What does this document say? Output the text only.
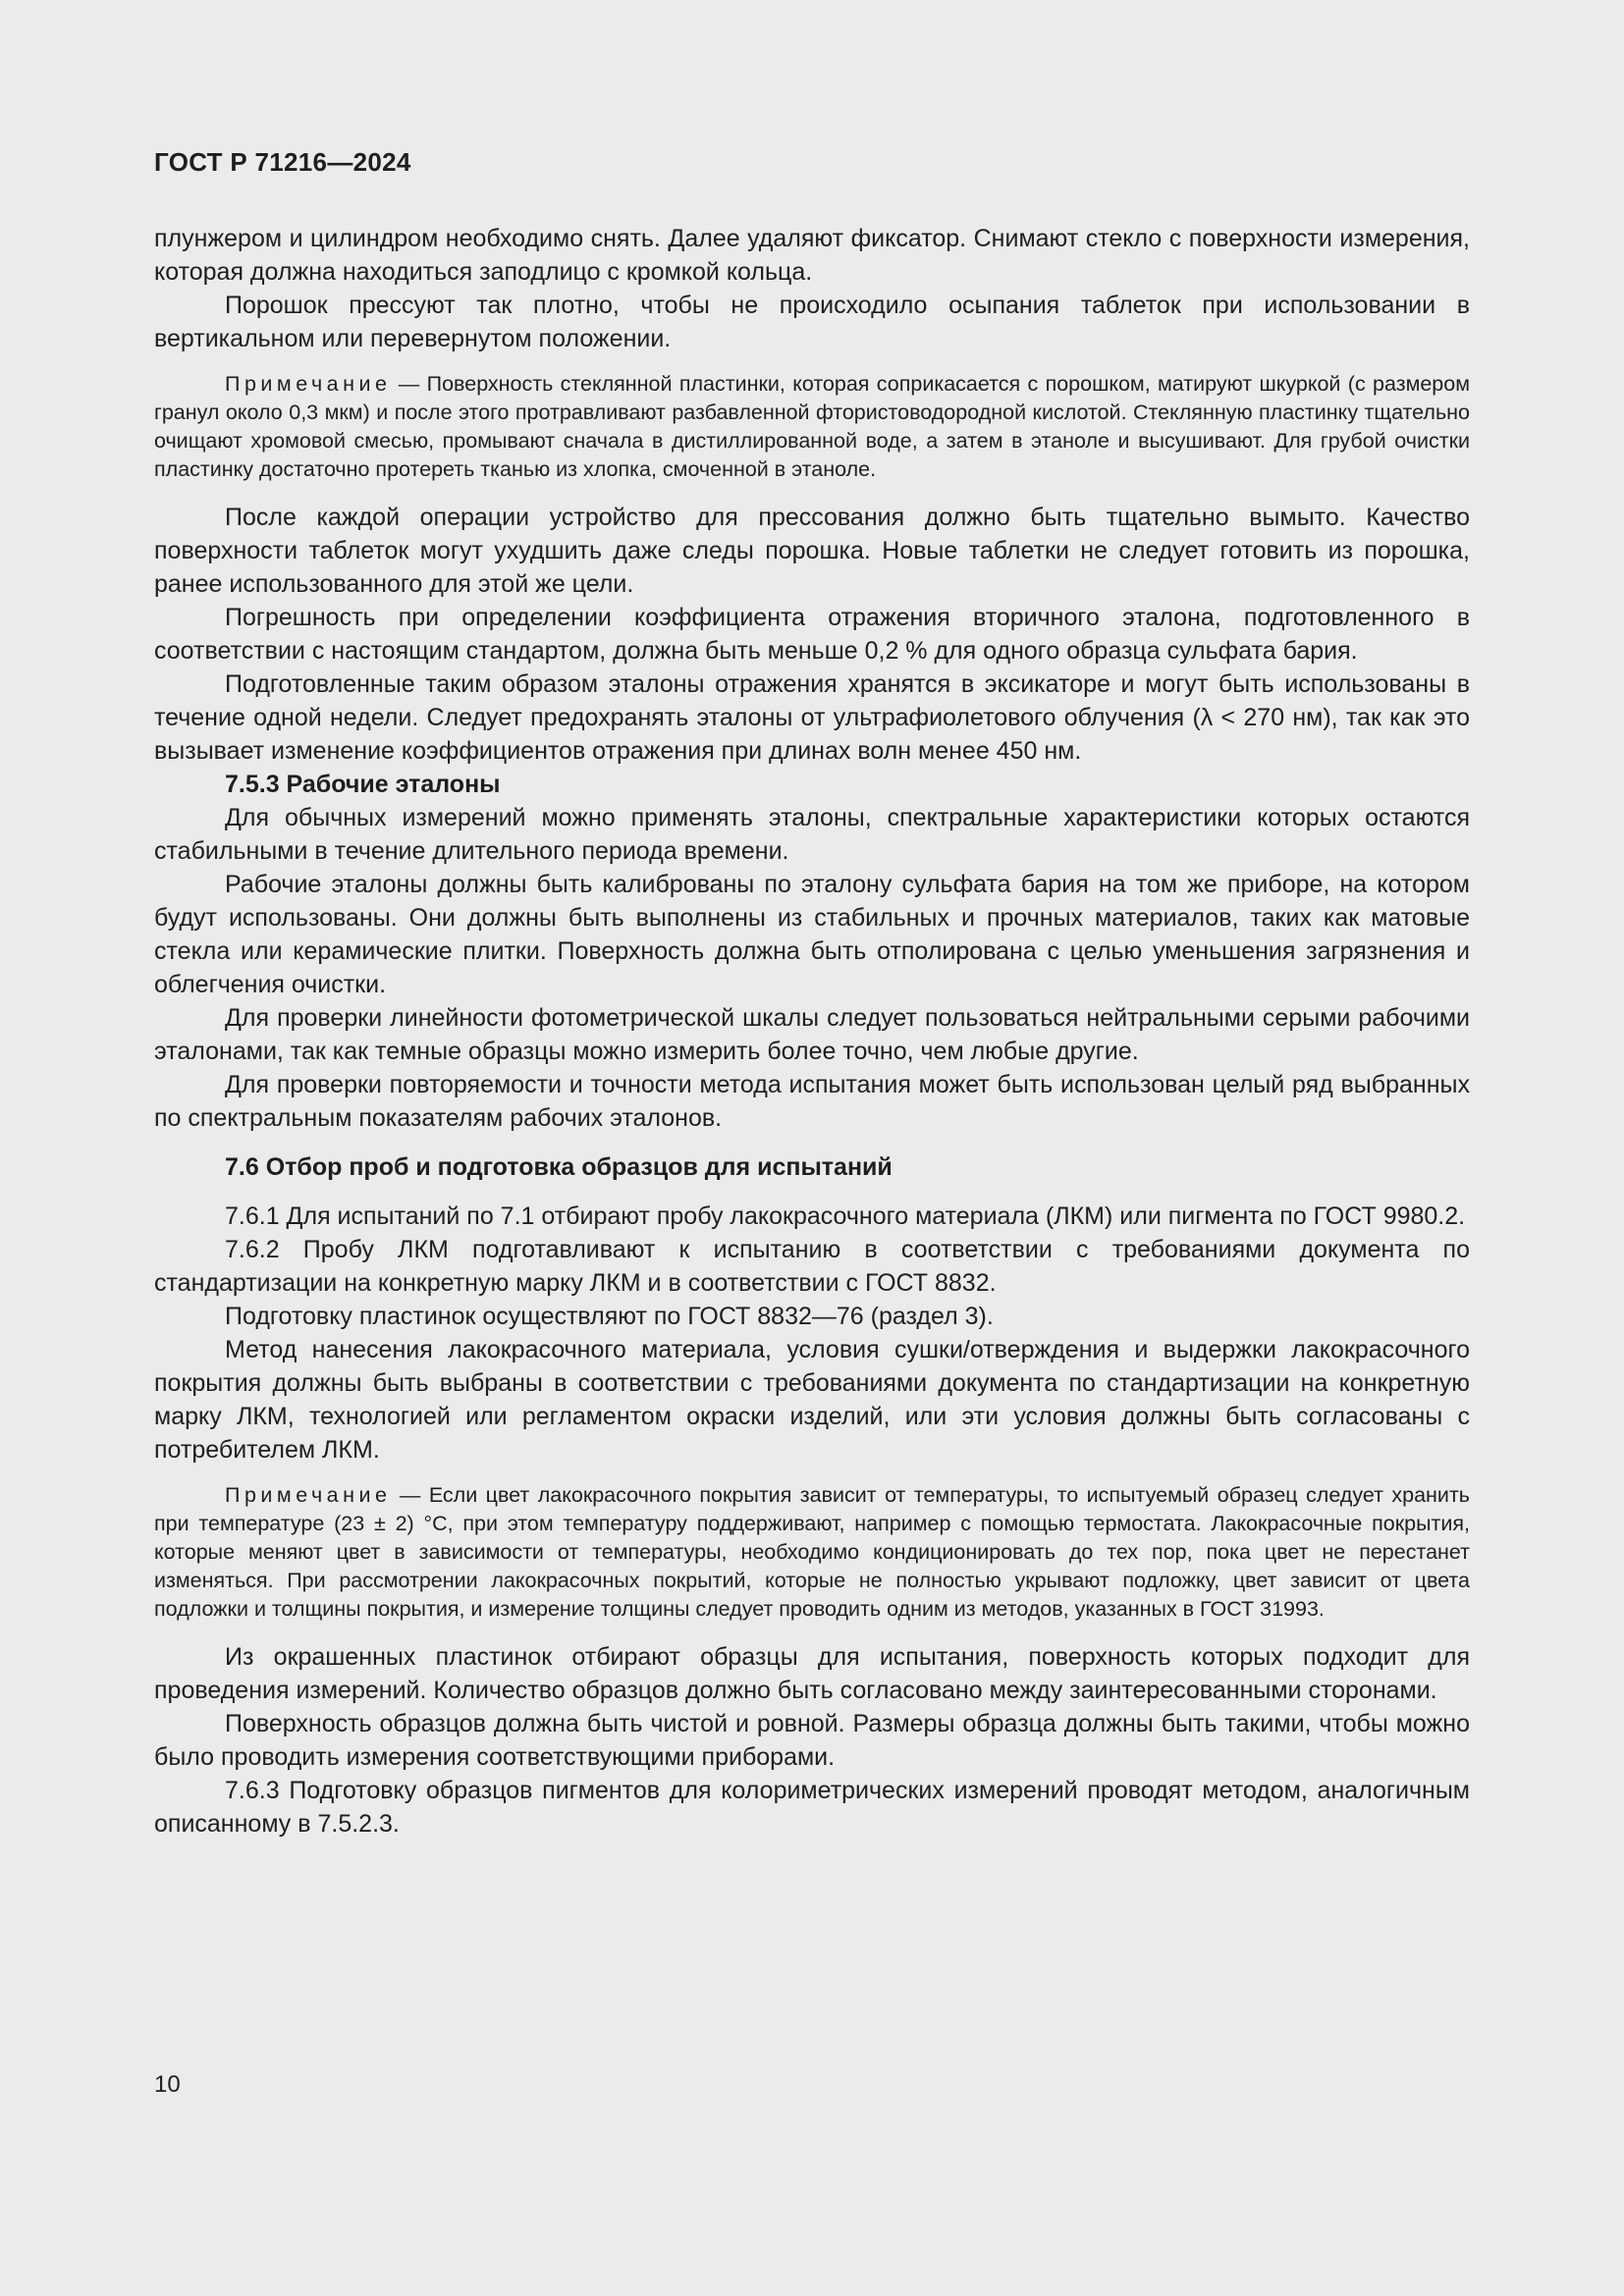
ГОСТ Р 71216—2024

плунжером и цилиндром необходимо снять. Далее удаляют фиксатор. Снимают стекло с поверхности измерения, которая должна находиться заподлицо с кромкой кольца.

Порошок прессуют так плотно, чтобы не происходило осыпания таблеток при использовании в вертикальном или перевернутом положении.

Примечание — Поверхность стеклянной пластинки, которая соприкасается с порошком, матируют шкуркой (с размером гранул около 0,3 мкм) и после этого протравливают разбавленной фтористоводородной кислотой. Стеклянную пластинку тщательно очищают хромовой смесью, промывают сначала в дистиллированной воде, а затем в этаноле и высушивают. Для грубой очистки пластинку достаточно протереть тканью из хлопка, смоченной в этаноле.

После каждой операции устройство для прессования должно быть тщательно вымыто. Качество поверхности таблеток могут ухудшить даже следы порошка. Новые таблетки не следует готовить из порошка, ранее использованного для этой же цели.

Погрешность при определении коэффициента отражения вторичного эталона, подготовленного в соответствии с настоящим стандартом, должна быть меньше 0,2 % для одного образца сульфата бария.

Подготовленные таким образом эталоны отражения хранятся в эксикаторе и могут быть использованы в течение одной недели. Следует предохранять эталоны от ультрафиолетового облучения (λ < 270 нм), так как это вызывает изменение коэффициентов отражения при длинах волн менее 450 нм.

7.5.3 Рабочие эталоны

Для обычных измерений можно применять эталоны, спектральные характеристики которых остаются стабильными в течение длительного периода времени.

Рабочие эталоны должны быть калиброваны по эталону сульфата бария на том же приборе, на котором будут использованы. Они должны быть выполнены из стабильных и прочных материалов, таких как матовые стекла или керамические плитки. Поверхность должна быть отполирована с целью уменьшения загрязнения и облегчения очистки.

Для проверки линейности фотометрической шкалы следует пользоваться нейтральными серыми рабочими эталонами, так как темные образцы можно измерить более точно, чем любые другие.

Для проверки повторяемости и точности метода испытания может быть использован целый ряд выбранных по спектральным показателям рабочих эталонов.

7.6 Отбор проб и подготовка образцов для испытаний

7.6.1 Для испытаний по 7.1 отбирают пробу лакокрасочного материала (ЛКМ) или пигмента по ГОСТ 9980.2.

7.6.2 Пробу ЛКМ подготавливают к испытанию в соответствии с требованиями документа по стандартизации на конкретную марку ЛКМ и в соответствии с ГОСТ 8832.

Подготовку пластинок осуществляют по ГОСТ 8832—76 (раздел 3).

Метод нанесения лакокрасочного материала, условия сушки/отверждения и выдержки лакокрасочного покрытия должны быть выбраны в соответствии с требованиями документа по стандартизации на конкретную марку ЛКМ, технологией или регламентом окраски изделий, или эти условия должны быть согласованы с потребителем ЛКМ.

Примечание — Если цвет лакокрасочного покрытия зависит от температуры, то испытуемый образец следует хранить при температуре (23 ± 2) °С, при этом температуру поддерживают, например с помощью термостата. Лакокрасочные покрытия, которые меняют цвет в зависимости от температуры, необходимо кондиционировать до тех пор, пока цвет не перестанет изменяться. При рассмотрении лакокрасочных покрытий, которые не полностью укрывают подложку, цвет зависит от цвета подложки и толщины покрытия, и измерение толщины следует проводить одним из методов, указанных в ГОСТ 31993.

Из окрашенных пластинок отбирают образцы для испытания, поверхность которых подходит для проведения измерений. Количество образцов должно быть согласовано между заинтересованными сторонами.

Поверхность образцов должна быть чистой и ровной. Размеры образца должны быть такими, чтобы можно было проводить измерения соответствующими приборами.

7.6.3 Подготовку образцов пигментов для колориметрических измерений проводят методом, аналогичным описанному в 7.5.2.3.

10
